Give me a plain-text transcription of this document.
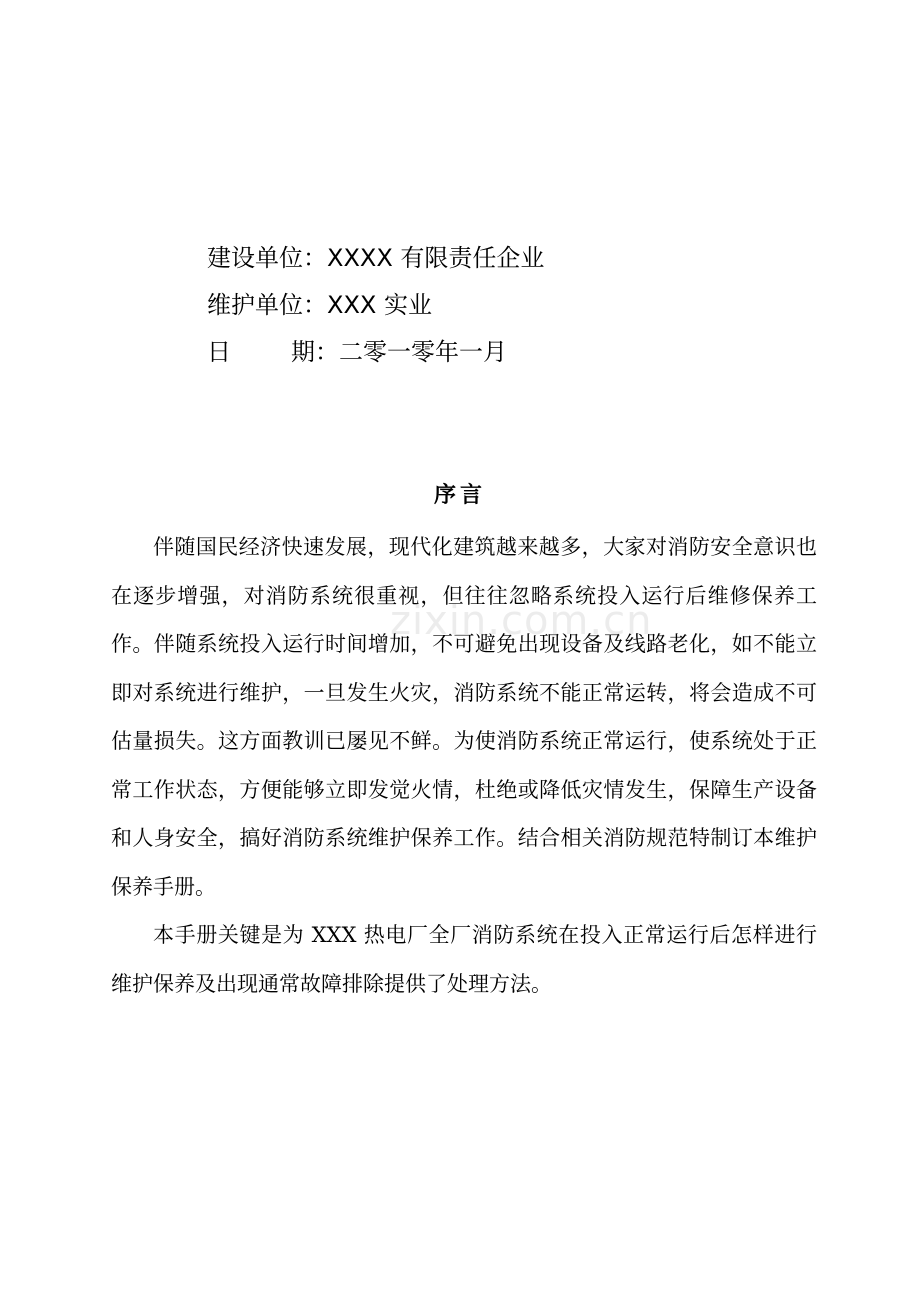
建设单位：XXXX 有限责任企业
维护单位：XXX 实业
日	期：二零一零年一月
序言

伴随国民经济快速发展，现代化建筑越来越多，大家对消防安全意识也在逐步增强，对消防系统很重视，但往往忽略系统投入运行后维修保养工作。伴随系统投入运行时间增加，不可避免出现设备及线路老化，如不能立即对系统进行维护，一旦发生火灾，消防系统不能正常运转，将会造成不可估量损失。这方面教训已屡见不鲜。为使消防系统正常运行，使系统处于正常工作状态，方便能够立即发觉火情，杜绝或降低灾情发生，保障生产设备和人身安全，搞好消防系统维护保养工作。结合相关消防规范特制订本维护保养手册。

本手册关键是为 XXX 热电厂全厂消防系统在投入正常运行后怎样进行维护保养及出现通常故障排除提供了处理方法。

zixin.com.cn
